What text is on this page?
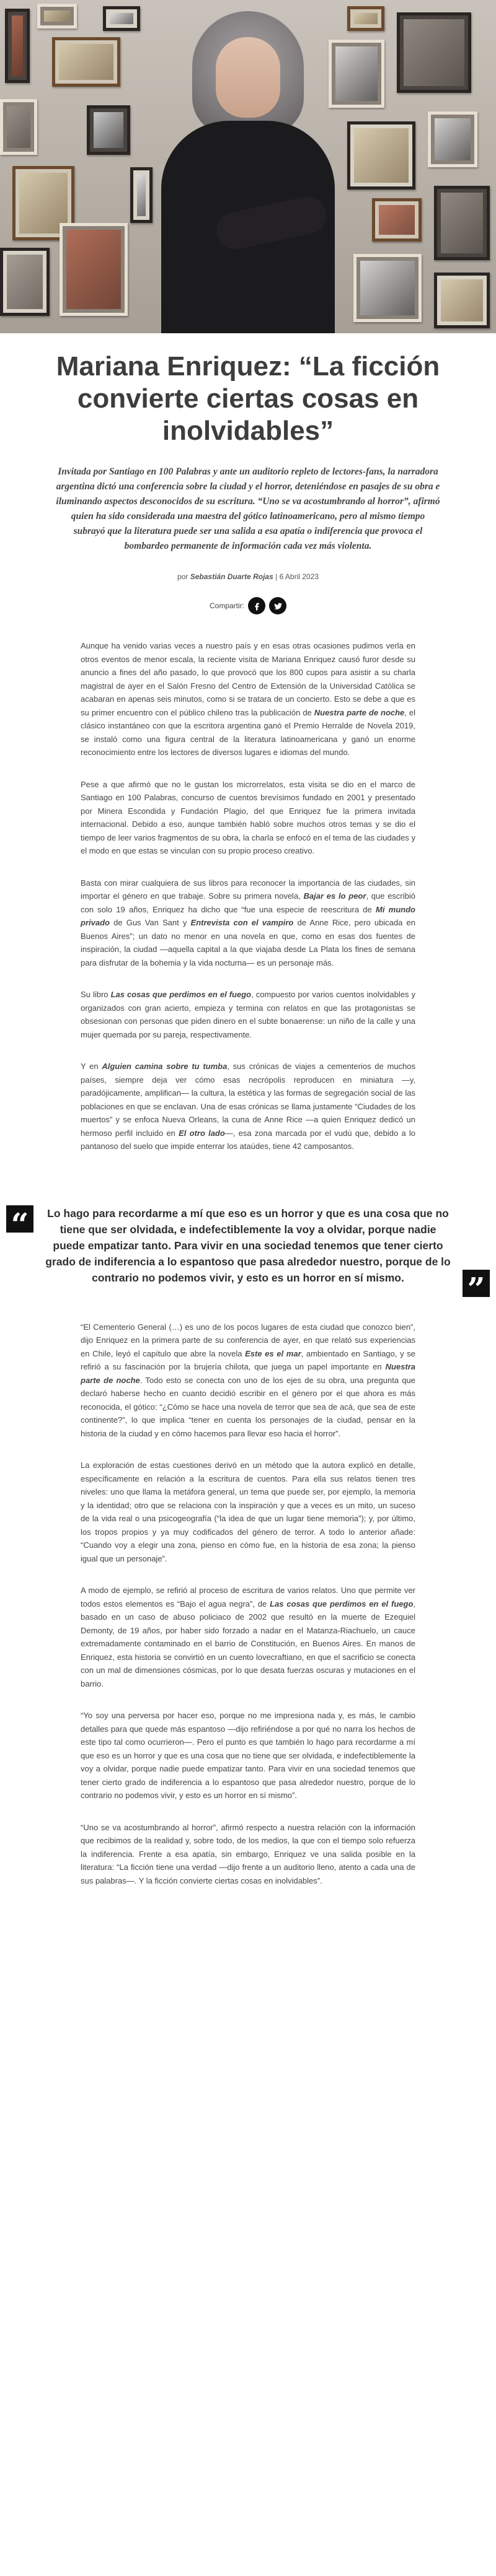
Mariana Enriquez: “La ficción convierte ciertas cosas en inolvidables”

Invitada por Santiago en 100 Palabras y ante un auditorio repleto de lectores-fans, la narradora argentina dictó una conferencia sobre la ciudad y el horror, deteniéndose en pasajes de su obra e iluminando aspectos desconocidos de su escritura. “Uno se va acostumbrando al horror”, afirmó quien ha sido considerada una maestra del gótico latinoamericano, pero al mismo tiempo subrayó que la literatura puede ser una salida a esa apatía o indiferencia que provoca el bombardeo permanente de información cada vez más violenta.

por Sebastián Duarte Rojas | 6 Abril 2023
Compartir:

Aunque ha venido varias veces a nuestro país y en esas otras ocasiones pudimos verla en otros eventos de menor escala, la reciente visita de Mariana Enriquez causó furor desde su anuncio a fines del año pasado, lo que provocó que los 800 cupos para asistir a su charla magistral de ayer en el Salón Fresno del Centro de Extensión de la Universidad Católica se acabaran en apenas seis minutos, como si se tratara de un concierto. Esto se debe a que es su primer encuentro con el público chileno tras la publicación de Nuestra parte de noche, el clásico instantáneo con que la escritora argentina ganó el Premio Herralde de Novela 2019, se instaló como una figura central de la literatura latinoamericana y ganó un enorme reconocimiento entre los lectores de diversos lugares e idiomas del mundo.

Pese a que afirmó que no le gustan los microrrelatos, esta visita se dio en el marco de Santiago en 100 Palabras, concurso de cuentos brevísimos fundado en 2001 y presentado por Minera Escondida y Fundación Plagio, del que Enriquez fue la primera invitada internacional. Debido a eso, aunque también habló sobre muchos otros temas y se dio el tiempo de leer varios fragmentos de su obra, la charla se enfocó en el tema de las ciudades y el modo en que estas se vinculan con su propio proceso creativo.

Basta con mirar cualquiera de sus libros para reconocer la importancia de las ciudades, sin importar el género en que trabaje. Sobre su primera novela, Bajar es lo peor, que escribió con solo 19 años, Enriquez ha dicho que “fue una especie de reescritura de Mi mundo privado de Gus Van Sant y Entrevista con el vampiro de Anne Rice, pero ubicada en Buenos Aires”; un dato no menor en una novela en que, como en esas dos fuentes de inspiración, la ciudad —aquella capital a la que viajaba desde La Plata los fines de semana para disfrutar de la bohemia y la vida nocturna— es un personaje más.

Su libro Las cosas que perdimos en el fuego, compuesto por varios cuentos inolvidables y organizados con gran acierto, empieza y termina con relatos en que las protagonistas se obsesionan con personas que piden dinero en el subte bonaerense: un niño de la calle y una mujer quemada por su pareja, respectivamente.

Y en Alguien camina sobre tu tumba, sus crónicas de viajes a cementerios de muchos países, siempre deja ver cómo esas necrópolis reproducen en miniatura —y, paradójicamente, amplifican— la cultura, la estética y las formas de segregación social de las poblaciones en que se enclavan. Una de esas crónicas se llama justamente “Ciudades de los muertos” y se enfoca Nueva Orleans, la cuna de Anne Rice —a quien Enriquez dedicó un hermoso perfil incluido en El otro lado—, esa zona marcada por el vudú que, debido a lo pantanoso del suelo que impide enterrar los ataúdes, tiene 42 camposantos.

“	Lo hago para recordarme a mí que eso es un horror y que es una cosa que no tiene que ser olvidada, e indefectiblemente la voy a olvidar, porque nadie puede empatizar tanto. Para vivir en una sociedad tenemos que tener cierto grado de indiferencia a lo espantoso que pasa alrededor nuestro, porque de lo contrario no podemos vivir, y esto es un horror en sí mismo.	”

“El Cementerio General (…) es uno de los pocos lugares de esta ciudad que conozco bien”, dijo Enriquez en la primera parte de su conferencia de ayer, en que relató sus experiencias en Chile, leyó el capítulo que abre la novela Este es el mar, ambientado en Santiago, y se refirió a su fascinación por la brujería chilota, que juega un papel importante en Nuestra parte de noche. Todo esto se conecta con uno de los ejes de su obra, una pregunta que declaró haberse hecho en cuanto decidió escribir en el género por el que ahora es más reconocida, el gótico: “¿Cómo se hace una novela de terror que sea de acá, que sea de este continente?”, lo que implica “tener en cuenta los personajes de la ciudad, pensar en la historia de la ciudad y en cómo hacemos para llevar eso hacia el horror”.

La exploración de estas cuestiones derivó en un método que la autora explicó en detalle, específicamente en relación a la escritura de cuentos. Para ella sus relatos tienen tres niveles: uno que llama la metáfora general, un tema que puede ser, por ejemplo, la memoria y la identidad; otro que se relaciona con la inspiración y que a veces es un mito, un suceso de la vida real o una psicogeografía (“la idea de que un lugar tiene memoria”); y, por último, los tropos propios y ya muy codificados del género de terror. A todo lo anterior añade: “Cuando voy a elegir una zona, pienso en cómo fue, en la historia de esa zona; la pienso igual que un personaje”.

A modo de ejemplo, se refirió al proceso de escritura de varios relatos. Uno que permite ver todos estos elementos es “Bajo el agua negra”, de Las cosas que perdimos en el fuego, basado en un caso de abuso policiaco de 2002 que resultó en la muerte de Ezequiel Demonty, de 19 años, por haber sido forzado a nadar en el Matanza-Riachuelo, un cauce extremadamente contaminado en el barrio de Constitución, en Buenos Aires. En manos de Enriquez, esta historia se convirtió en un cuento lovecraftiano, en que el sacrificio se conecta con un mal de dimensiones cósmicas, por lo que desata fuerzas oscuras y mutaciones en el barrio.

“Yo soy una perversa por hacer eso, porque no me impresiona nada y, es más, le cambio detalles para que quede más espantoso —dijo refiriéndose a por qué no narra los hechos de este tipo tal como ocurrieron—. Pero el punto es que también lo hago para recordarme a mí que eso es un horror y que es una cosa que no tiene que ser olvidada, e indefectiblemente la voy a olvidar, porque nadie puede empatizar tanto. Para vivir en una sociedad tenemos que tener cierto grado de indiferencia a lo espantoso que pasa alrededor nuestro, porque de lo contrario no podemos vivir, y esto es un horror en sí mismo”.

“Uno se va acostumbrando al horror”, afirmó respecto a nuestra relación con la información que recibimos de la realidad y, sobre todo, de los medios, la que con el tiempo solo refuerza la indiferencia. Frente a esa apatía, sin embargo, Enriquez ve una salida posible en la literatura: “La ficción tiene una verdad —dijo frente a un auditorio lleno, atento a cada una de sus palabras—. Y la ficción convierte ciertas cosas en inolvidables”.
